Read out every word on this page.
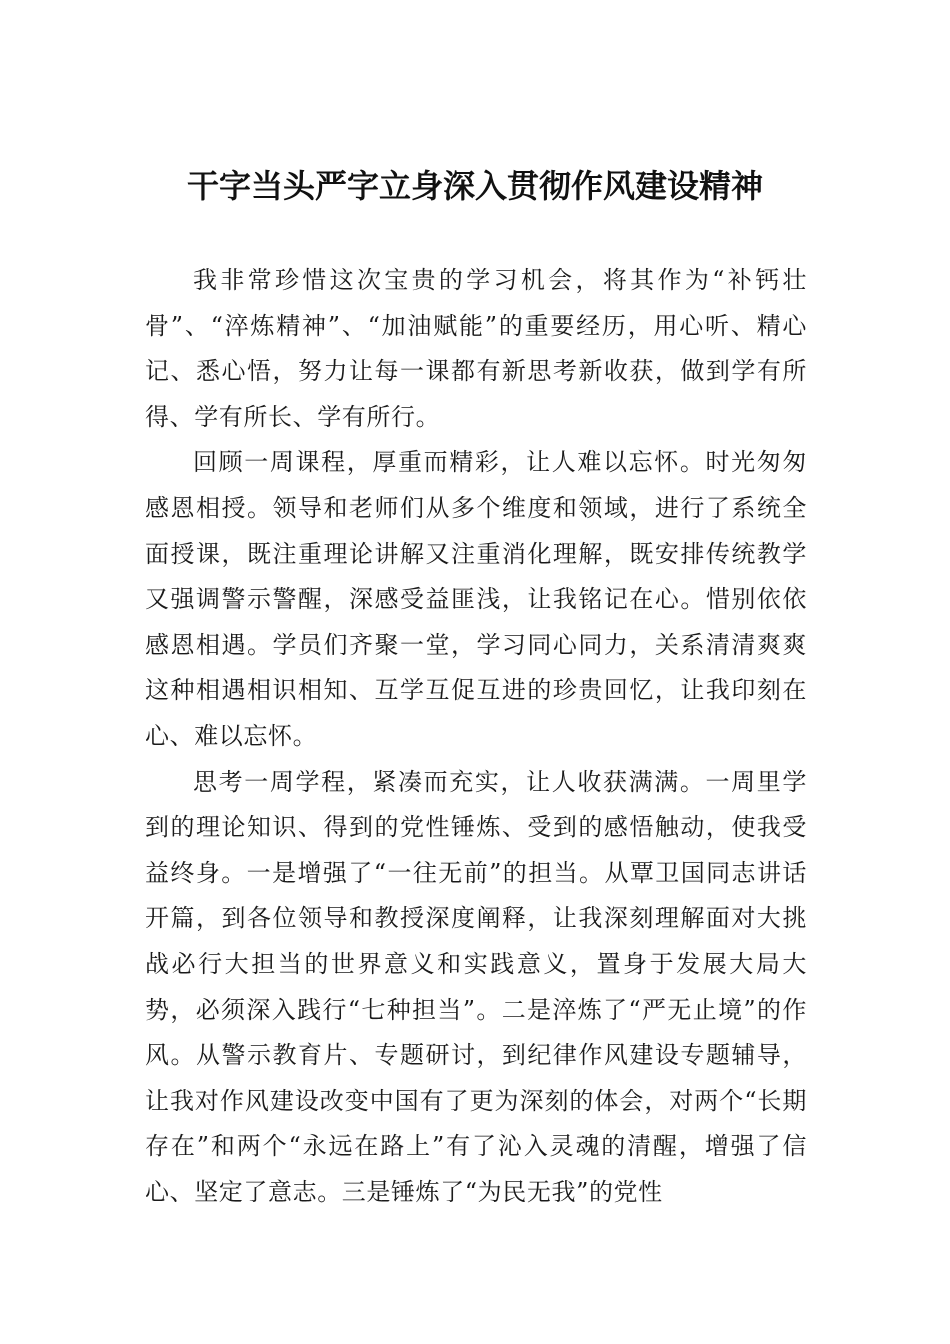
干字当头严字立身深入贯彻作风建设精神

我非常珍惜这次宝贵的学习机会，将其作为“补钙壮骨”、“淬炼精神”、“加油赋能”的重要经历，用心听、精心记、悉心悟，努力让每一课都有新思考新收获，做到学有所得、学有所长、学有所行。

回顾一周课程，厚重而精彩，让人难以忘怀。时光匆匆感恩相授。领导和老师们从多个维度和领域，进行了系统全面授课，既注重理论讲解又注重消化理解，既安排传统教学又强调警示警醒，深感受益匪浅，让我铭记在心。惜别依依感恩相遇。学员们齐聚一堂，学习同心同力，关系清清爽爽这种相遇相识相知、互学互促互进的珍贵回忆，让我印刻在心、难以忘怀。

思考一周学程，紧凑而充实，让人收获满满。一周里学到的理论知识、得到的党性锤炼、受到的感悟触动，使我受益终身。一是增强了“一往无前”的担当。从覃卫国同志讲话开篇，到各位领导和教授深度阐释，让我深刻理解面对大挑战必行大担当的世界意义和实践意义，置身于发展大局大势，必须深入践行“七种担当”。二是淬炼了“严无止境”的作风。从警示教育片、专题研讨，到纪律作风建设专题辅导，让我对作风建设改变中国有了更为深刻的体会，对两个“长期存在”和两个“永远在路上”有了沁入灵魂的清醒，增强了信心、坚定了意志。三是锤炼了“为民无我”的党性
